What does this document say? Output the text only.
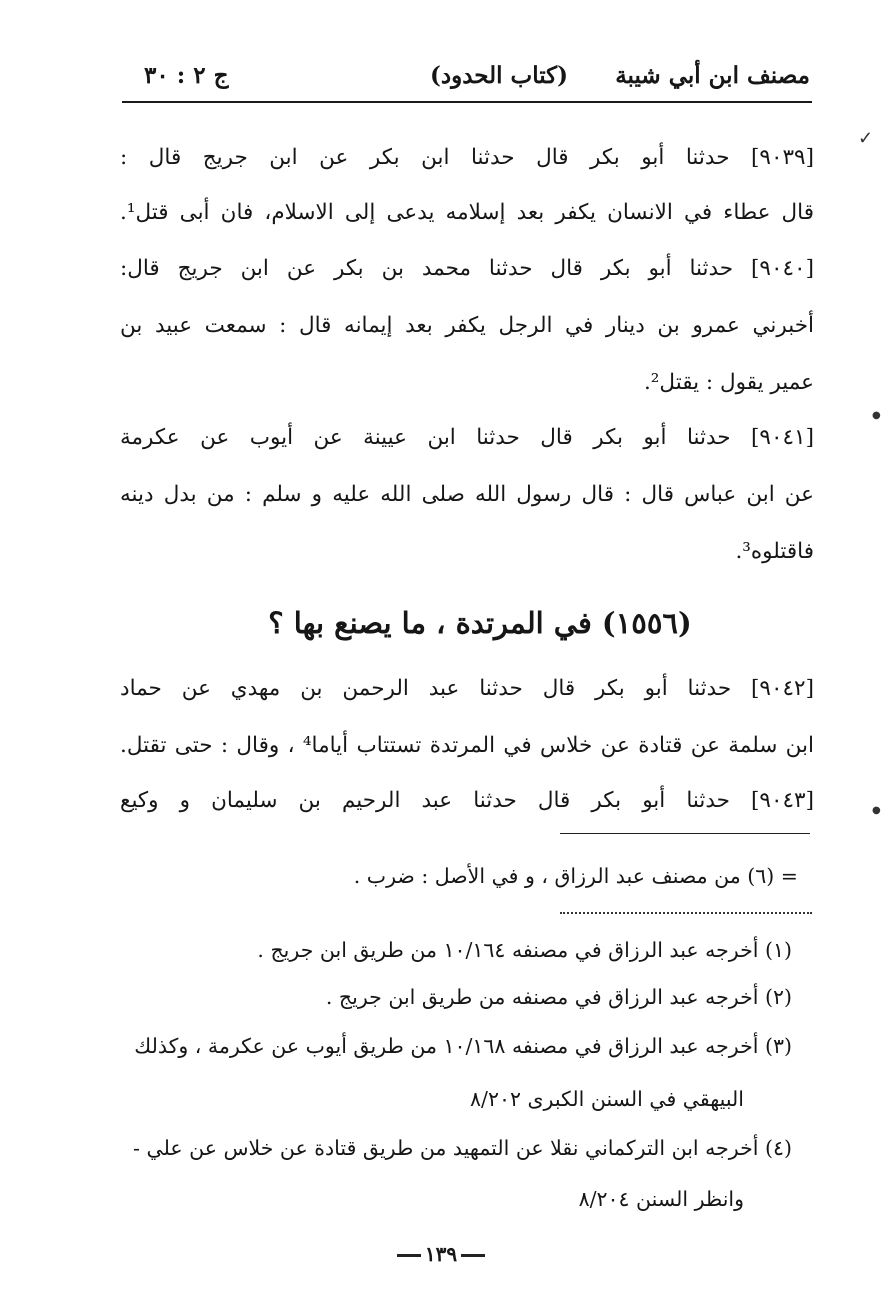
مصنف ابن أبي شيبة
(كتاب الحدود)
ج ٢ : ٣٠
[٩٠٣٩] حدثنا أبو بكر قال حدثنا ابن بكر عن ابن جريج قال :
قال عطاء في الانسان يكفر بعد إسلامه يدعى إلى الاسلام، فان أبى قتل¹.
[٩٠٤٠] حدثنا أبو بكر قال حدثنا محمد بن بكر عن ابن جريج قال:
أخبرني عمرو بن دينار في الرجل يكفر بعد إيمانه قال : سمعت عبيد بن
عمير يقول : يقتل².
[٩٠٤١] حدثنا أبو بكر قال حدثنا ابن عيينة عن أيوب عن عكرمة
عن ابن عباس قال : قال رسول الله صلى الله عليه و سلم : من بدل دينه
فاقتلوه³.
(١٥٥٦) في المرتدة ، ما يصنع بها ؟
[٩٠٤٢] حدثنا أبو بكر قال حدثنا عبد الرحمن بن مهدي عن حماد
ابن سلمة عن قتادة عن خلاس في المرتدة تستتاب أياما⁴ ، وقال : حتى تقتل.
[٩٠٤٣] حدثنا أبو بكر قال حدثنا عبد الرحيم بن سليمان و وكيع
= (٦) من مصنف عبد الرزاق ، و في الأصل : ضرب .
(١) أخرجه عبد الرزاق في مصنفه ١٠/١٦٤ من طريق ابن جريج .
(٢) أخرجه عبد الرزاق في مصنفه من طريق ابن جريج .
(٣) أخرجه عبد الرزاق في مصنفه ١٠/١٦٨ من طريق أيوب عن عكرمة ، وكذلك
البيهقي في السنن الكبرى ٨/٢٠٢
(٤) أخرجه ابن التركماني نقلا عن التمهيد من طريق قتادة عن خلاس عن علي -
وانظر السنن ٨/٢٠٤
١٣٩
✓
●
●
